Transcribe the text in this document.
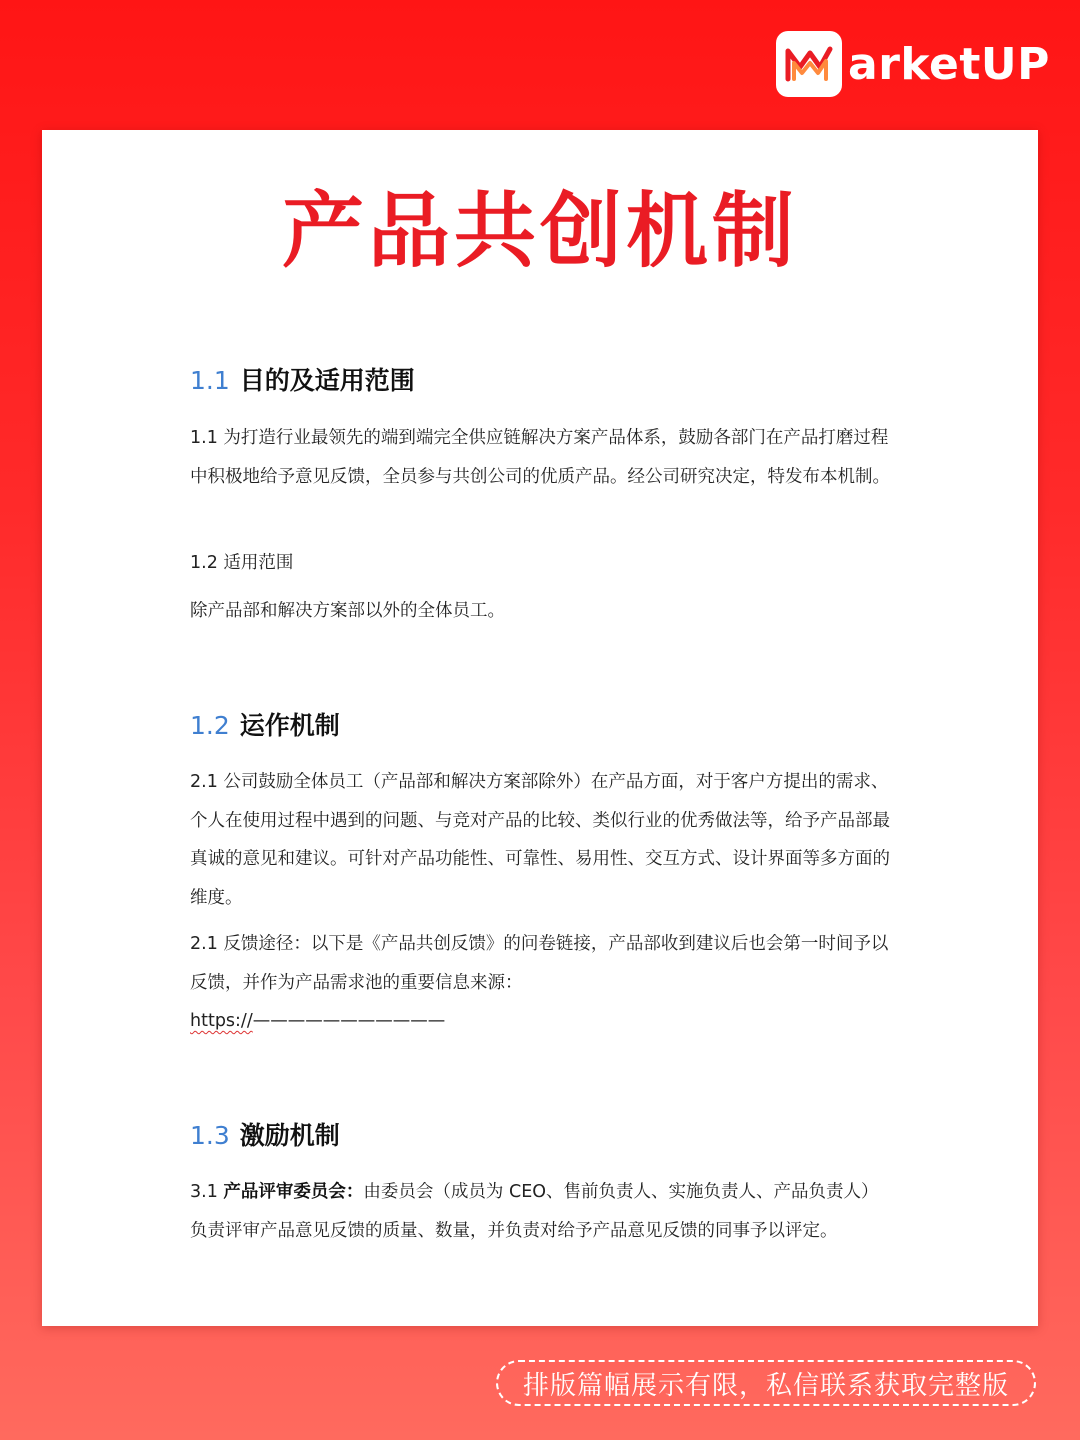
arketUP
产品共创机制
1.1 目的及适用范围
1.1 为打造行业最领先的端到端完全供应链解决方案产品体系，鼓励各部门在产品打磨过程中积极地给予意见反馈，全员参与共创公司的优质产品。经公司研究决定，特发布本机制。
1.2 适用范围
除产品部和解决方案部以外的全体员工。
1.2 运作机制
2.1 公司鼓励全体员工（产品部和解决方案部除外）在产品方面，对于客户方提出的需求、个人在使用过程中遇到的问题、与竞对产品的比较、类似行业的优秀做法等，给予产品部最真诚的意见和建议。可针对产品功能性、可靠性、易用性、交互方式、设计界面等多方面的维度。
2.1 反馈途径：以下是《产品共创反馈》的问卷链接，产品部收到建议后也会第一时间予以反馈，并作为产品需求池的重要信息来源：
https://———————————
1.3 激励机制
3.1 产品评审委员会：由委员会（成员为 CEO、售前负责人、实施负责人、产品负责人）负责评审产品意见反馈的质量、数量，并负责对给予产品意见反馈的同事予以评定。
排版篇幅展示有限，私信联系获取完整版
